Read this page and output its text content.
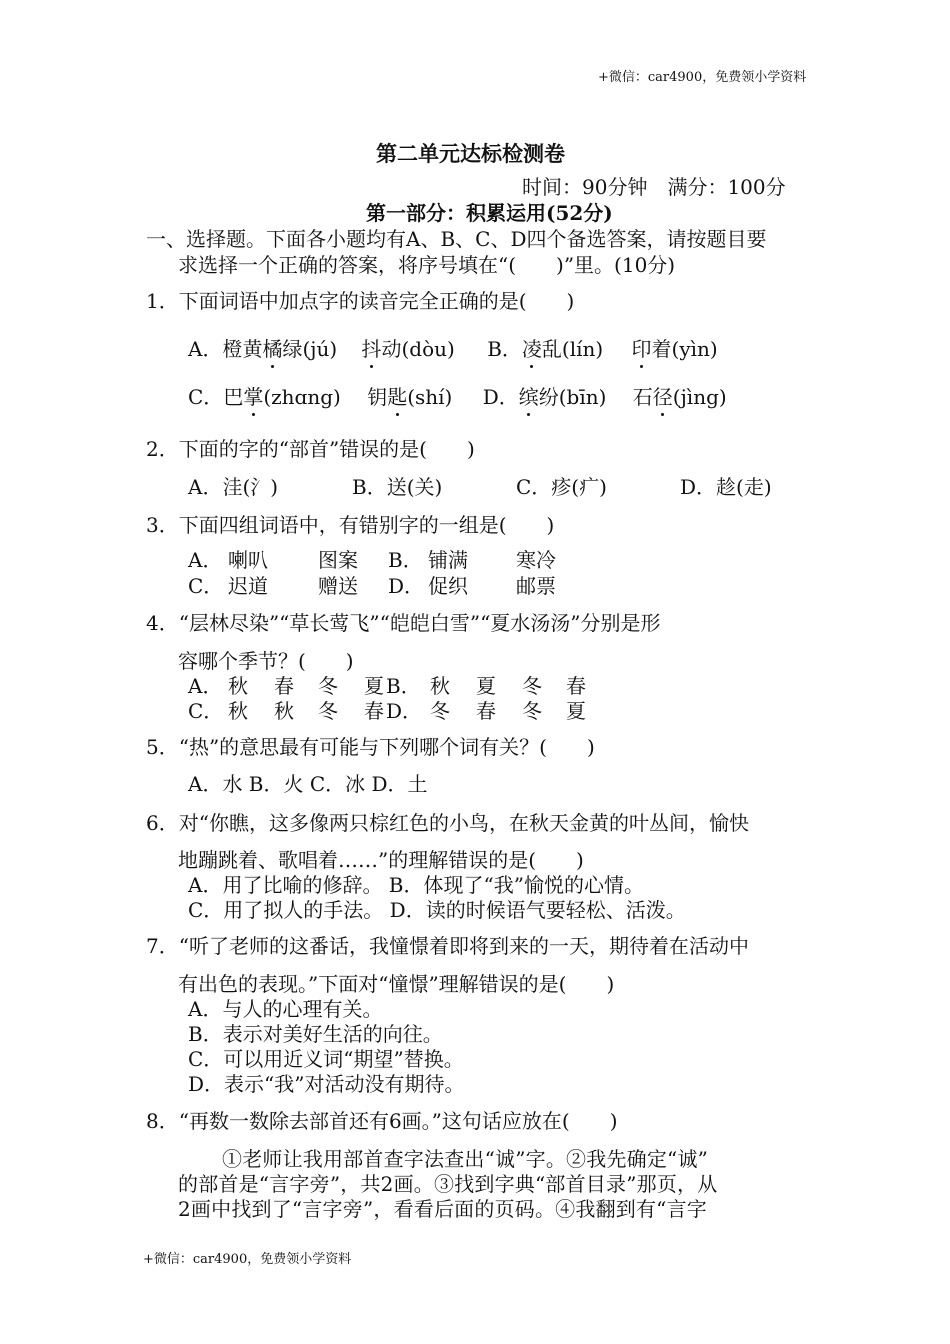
+微信：car4900，免费领小学资料
第二单元达标检测卷
时间：90分钟　满分：100分
第一部分：积累运用(52分)
一、选择题。下面各小题均有A、B、C、D四个备选答案，请按题目要
求选择一个正确的答案，将序号填在“(　　)”里。(10分)
1．下面词语中加点字的读音完全正确的是(　　)
A．橙黄橘绿(jú) 抖动(dòu) B．凌乱(lín) 印着(yìn)
C．巴掌(zhɑng) 钥匙(shí) D．缤纷(bīn) 石径(jìng)
2．下面的字的“部首”错误的是(　　)
A．洼(氵)	B．送(关)	C．疹(疒)	D．趁(走)
3．下面四组词语中，有错别字的一组是(　　)
A． 喇叭	图案 B． 铺满 寒冷
C． 迟道	赠送 D． 促织 邮票
4．“层林尽染”“草长莺飞”“皑皑白雪”“夏水汤汤”分别是形
容哪个季节？(　　)
A． 秋 春 冬 夏 B． 秋 夏 冬 春
C． 秋 秋 冬 春 D． 冬 春 冬 夏
5．“热”的意思最有可能与下列哪个词有关？(　　)
A．水 B．火 C．冰 D．土
6．对“你瞧，这多像两只棕红色的小鸟，在秋天金黄的叶丛间，愉快
地蹦跳着、歌唱着……”的理解错误的是(　　)
A．用了比喻的修辞。 B．体现了“我”愉悦的心情。
C．用了拟人的手法。 D．读的时候语气要轻松、活泼。
7．“听了老师的这番话，我憧憬着即将到来的一天，期待着在活动中
有出色的表现。”下面对“憧憬”理解错误的是(　　)
A．与人的心理有关。
B．表示对美好生活的向往。
C．可以用近义词“期望”替换。
D．表示“我”对活动没有期待。
8．“再数一数除去部首还有6画。”这句话应放在(　　)
①老师让我用部首查字法查出“诚”字。②我先确定“诚”
的部首是“言字旁”，共2画。③找到字典“部首目录”那页，从
2画中找到了“言字旁”，看看后面的页码。④我翻到有“言字
+微信：car4900，免费领小学资料
